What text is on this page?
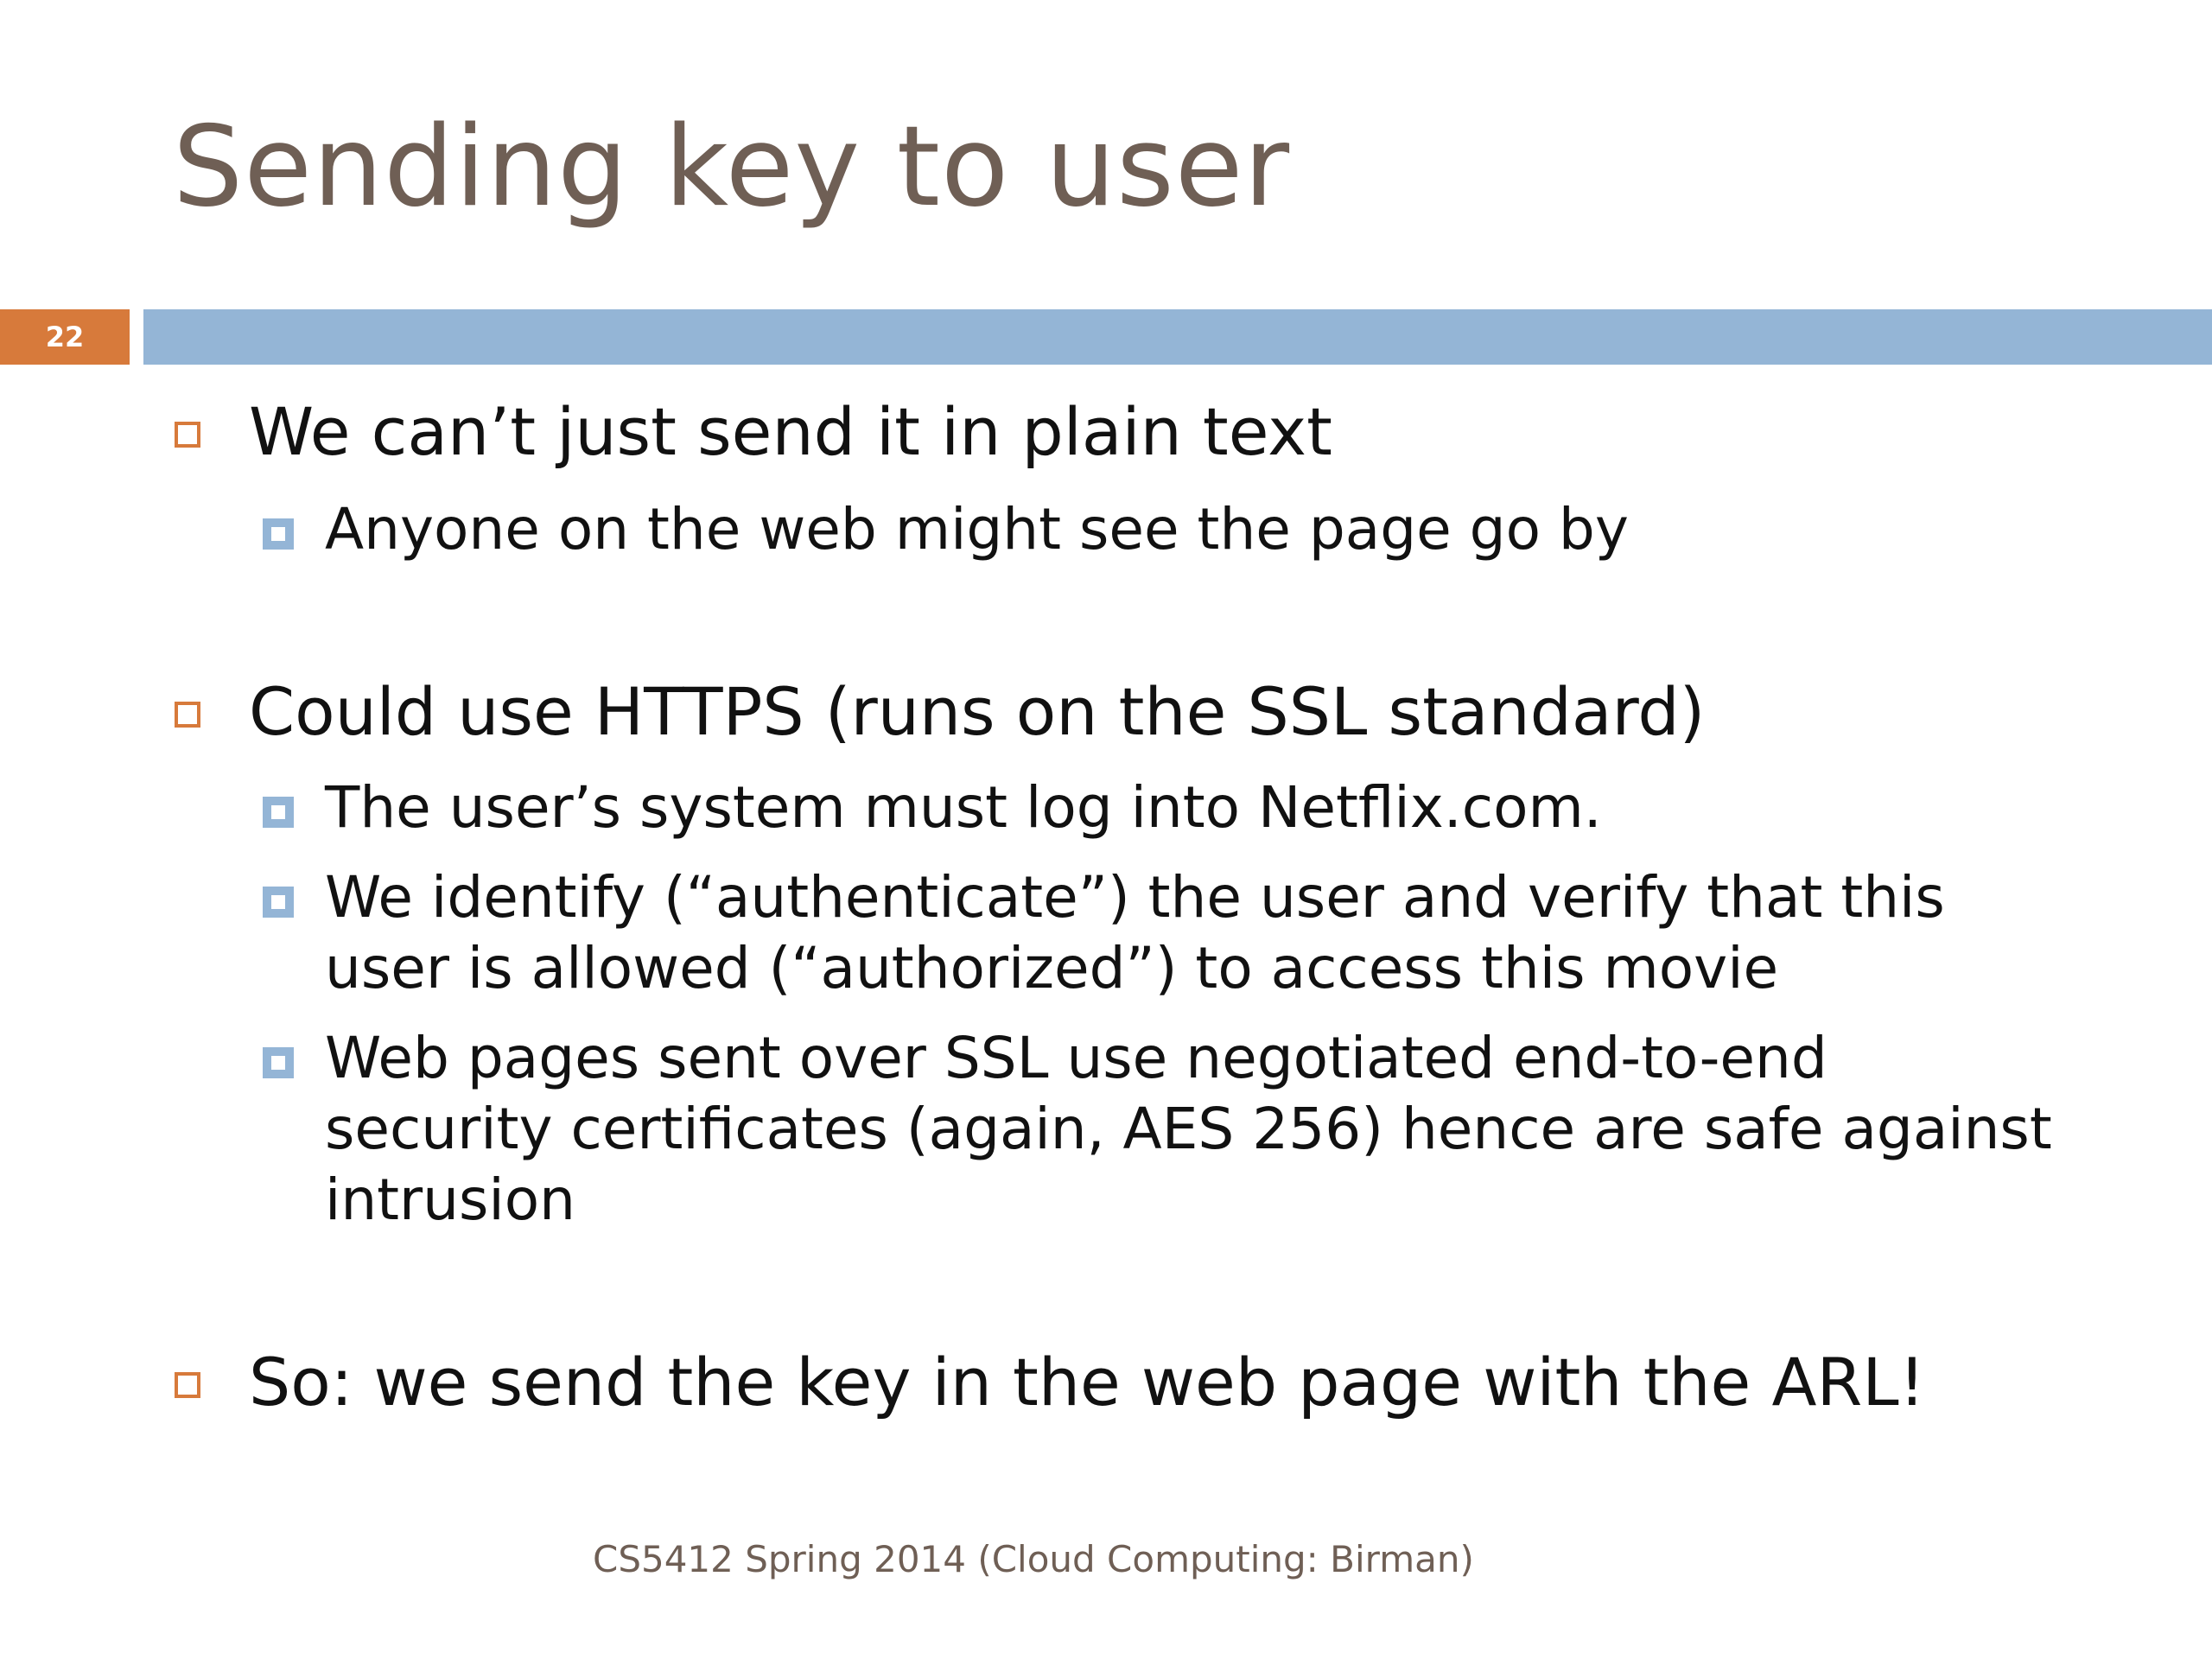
Sending key to user
22
We can’t just send it in plain text
Anyone on the web might see the page go by
Could use HTTPS (runs on the SSL standard)
The user’s system must log into Netflix.com.
We identify (“authenticate”) the user and verify that this
user is allowed (“authorized”) to access this movie
Web pages sent over SSL use negotiated end-to-end
security certificates (again, AES 256) hence are safe against
intrusion
So: we send the key in the web page with the ARL!
CS5412 Spring 2014 (Cloud Computing: Birman)
